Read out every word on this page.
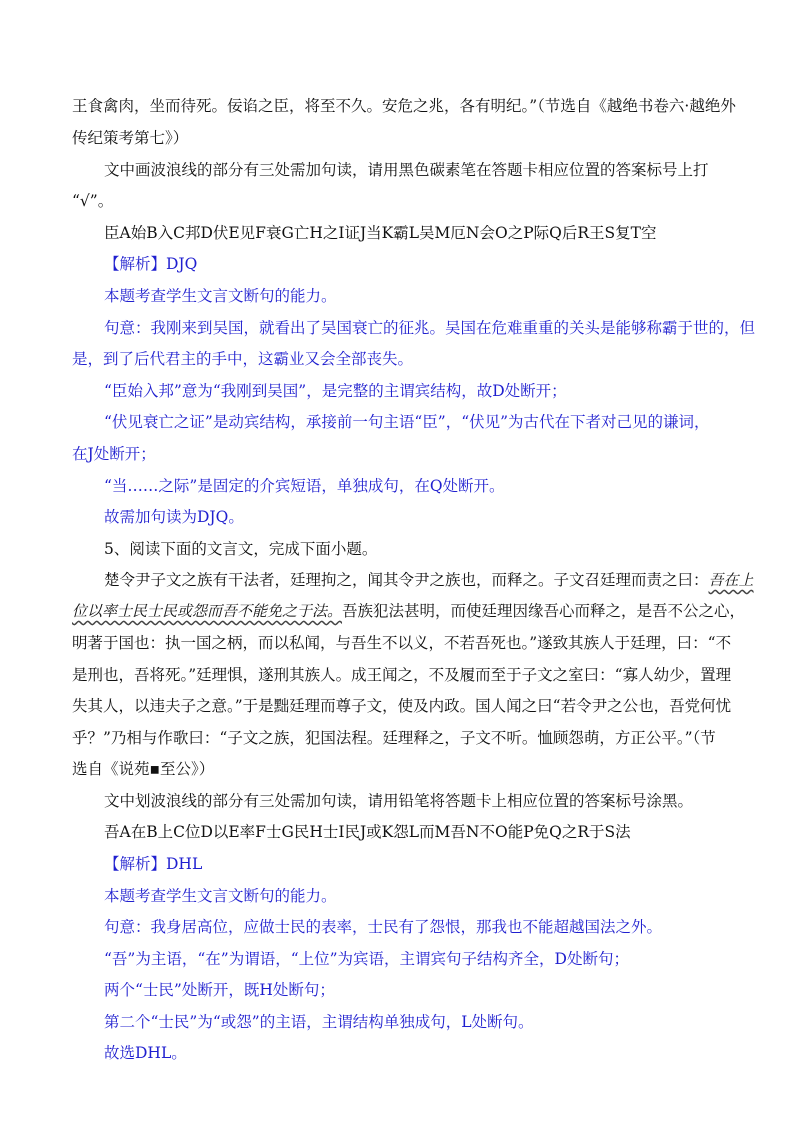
王食禽肉，坐而待死。佞谄之臣，将至不久。安危之兆，各有明纪。”（节选自《越绝书卷六·越绝外
传纪策考第七》）
文中画波浪线的部分有三处需加句读，请用黑色碳素笔在答题卡相应位置的答案标号上打
“√”。
臣A始B入C邦D伏E见F衰G亡H之I证J当K霸L吴M厄N会O之P际Q后R王S复T空
【解析】DJQ
本题考查学生文言文断句的能力。
句意：我刚来到吴国，就看出了吴国衰亡的征兆。吴国在危难重重的关头是能够称霸于世的，但
是，到了后代君主的手中，这霸业又会全部丧失。
“臣始入邦”意为“我刚到吴国”，是完整的主谓宾结构，故D处断开；
“伏见衰亡之证”是动宾结构，承接前一句主语“臣”，“伏见”为古代在下者对己见的谦词，
在J处断开；
“当……之际”是固定的介宾短语，单独成句，在Q处断开。
故需加句读为DJQ。
5、阅读下面的文言文，完成下面小题。
楚令尹子文之族有干法者，廷理拘之，闻其令尹之族也，而释之。子文召廷理而责之曰：吾在上
位以率士民士民或怨而吾不能免之于法。吾族犯法甚明，而使廷理因缘吾心而释之，是吾不公之心，
明著于国也：执一国之柄，而以私闻，与吾生不以义，不若吾死也。”遂致其族人于廷理，曰：“不
是刑也，吾将死。”廷理惧，遂刑其族人。成王闻之，不及履而至于子文之室曰：“寡人幼少，置理
失其人，以违夫子之意。”于是黜廷理而尊子文，使及内政。国人闻之曰“若令尹之公也，吾党何忧
乎？”乃相与作歌曰：“子文之族，犯国法程。廷理释之，子文不听。恤顾怨萌，方正公平。”（节
选自《说苑▪至公》）
文中划波浪线的部分有三处需加句读，请用铅笔将答题卡上相应位置的答案标号涂黑。
吾A在B上C位D以E率F士G民H士I民J或K怨L而M吾N不O能P免Q之R于S法
【解析】DHL
本题考查学生文言文断句的能力。
句意：我身居高位，应做士民的表率，士民有了怨恨，那我也不能超越国法之外。
“吾”为主语，“在”为谓语，“上位”为宾语，主谓宾句子结构齐全，D处断句；
两个“士民”处断开，既H处断句；
第二个“士民”为“或怨”的主语，主谓结构单独成句，L处断句。
故选DHL。
